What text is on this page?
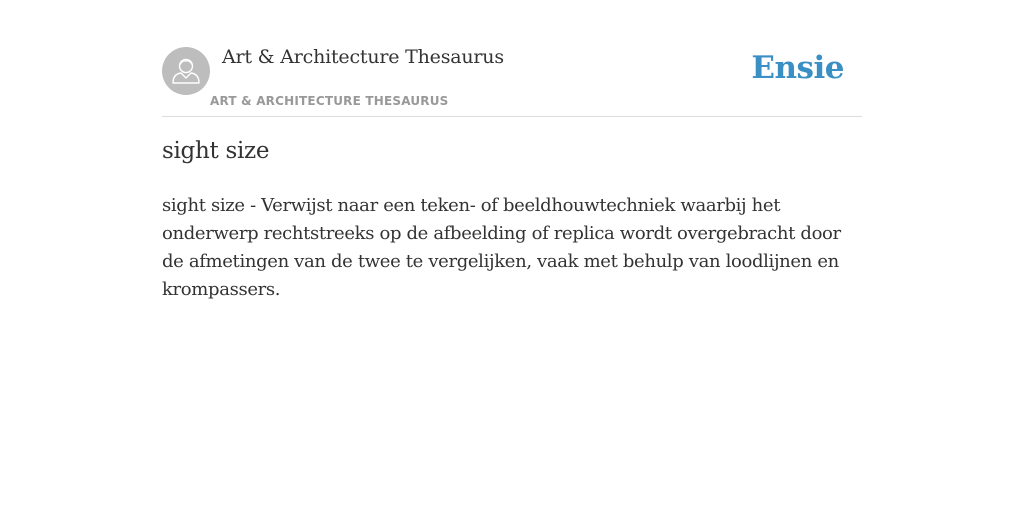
Art & Architecture Thesaurus
ART & ARCHITECTURE THESAURUS
Ensie
sight size

sight size - Verwijst naar een teken- of beeldhouwtechniek waarbij het onderwerp rechtstreeks op de afbeelding of replica wordt overgebracht door de afmetingen van de twee te vergelijken, vaak met behulp van loodlijnen en krompassers.
